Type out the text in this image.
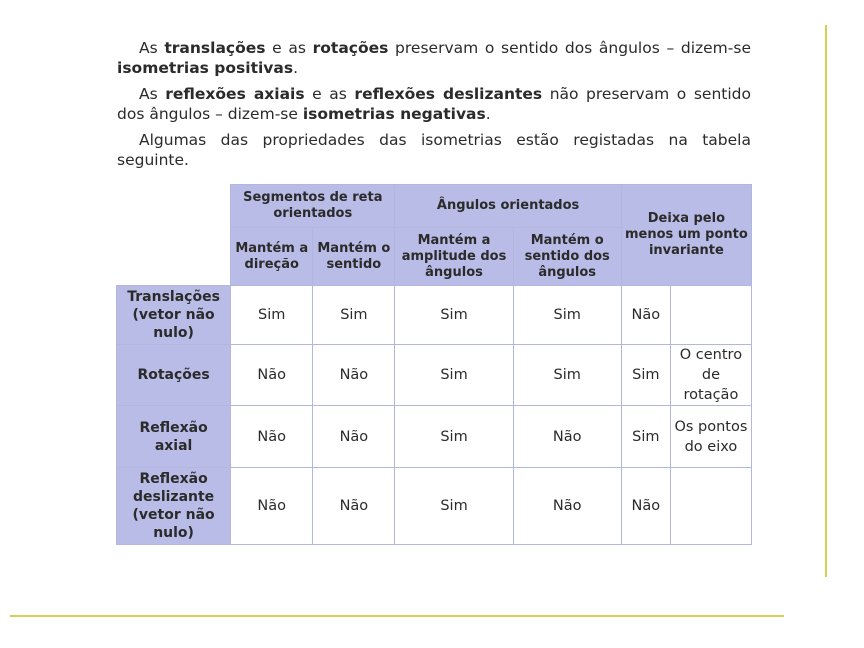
As translações e as rotações preservam o sentido dos ângulos – dizem-se isometrias positivas.

As reflexões axiais e as reflexões deslizantes não preservam o sentido dos ângulos – dizem-se isometrias negativas.

Algumas das propriedades das isometrias estão registadas na tabela seguinte.

	Segmentos de reta orientados		Ângulos orientados		Deixa pelo menos um ponto invariante	
	Mantém a direção	Mantém o sentido	Mantém a amplitude dos ângulos	Mantém o sentido dos ângulos		
Translações (vetor não nulo)	Sim	Sim	Sim	Sim	Não	
Rotações	Não	Não	Sim	Sim	Sim	O centro de rotação
Reflexão axial	Não	Não	Sim	Não	Sim	Os pontos do eixo
Reflexão deslizante (vetor não nulo)	Não	Não	Sim	Não	Não	
